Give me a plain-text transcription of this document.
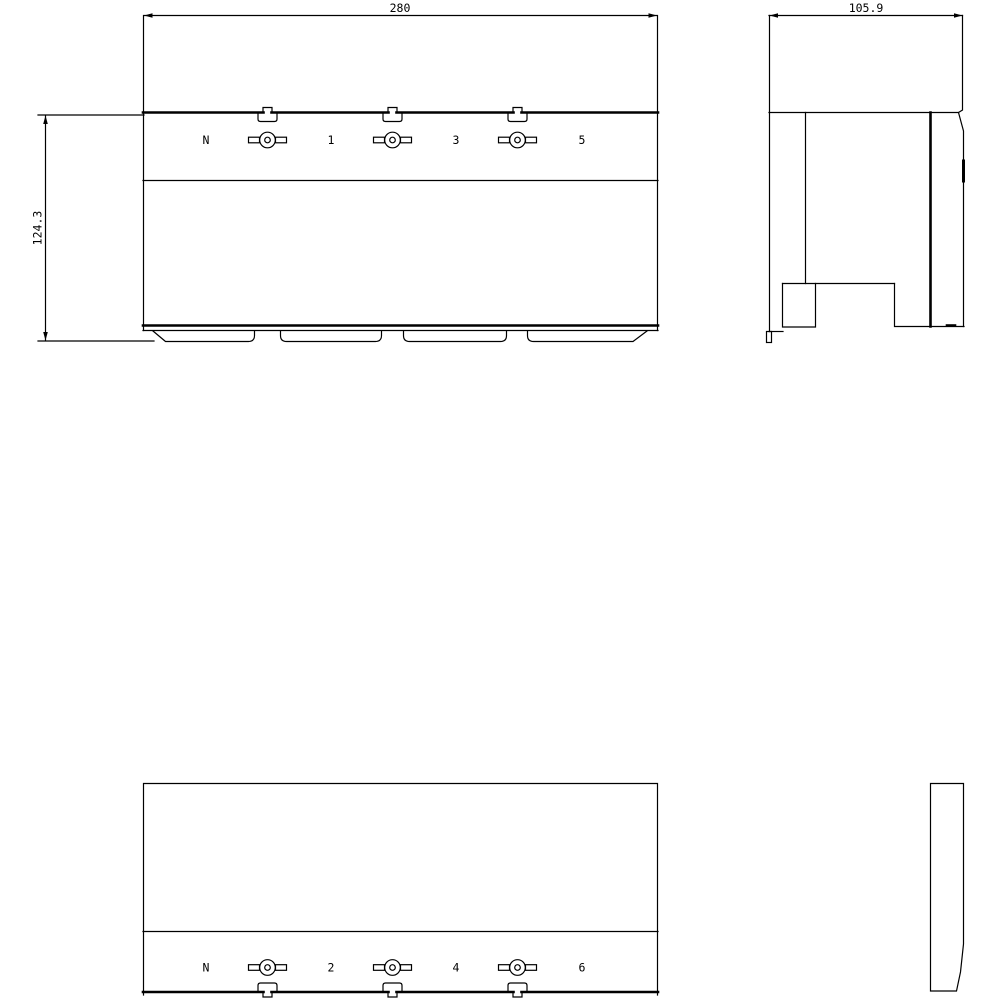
N	1	3	5
280
124.3
105.9
N	2	4	6
